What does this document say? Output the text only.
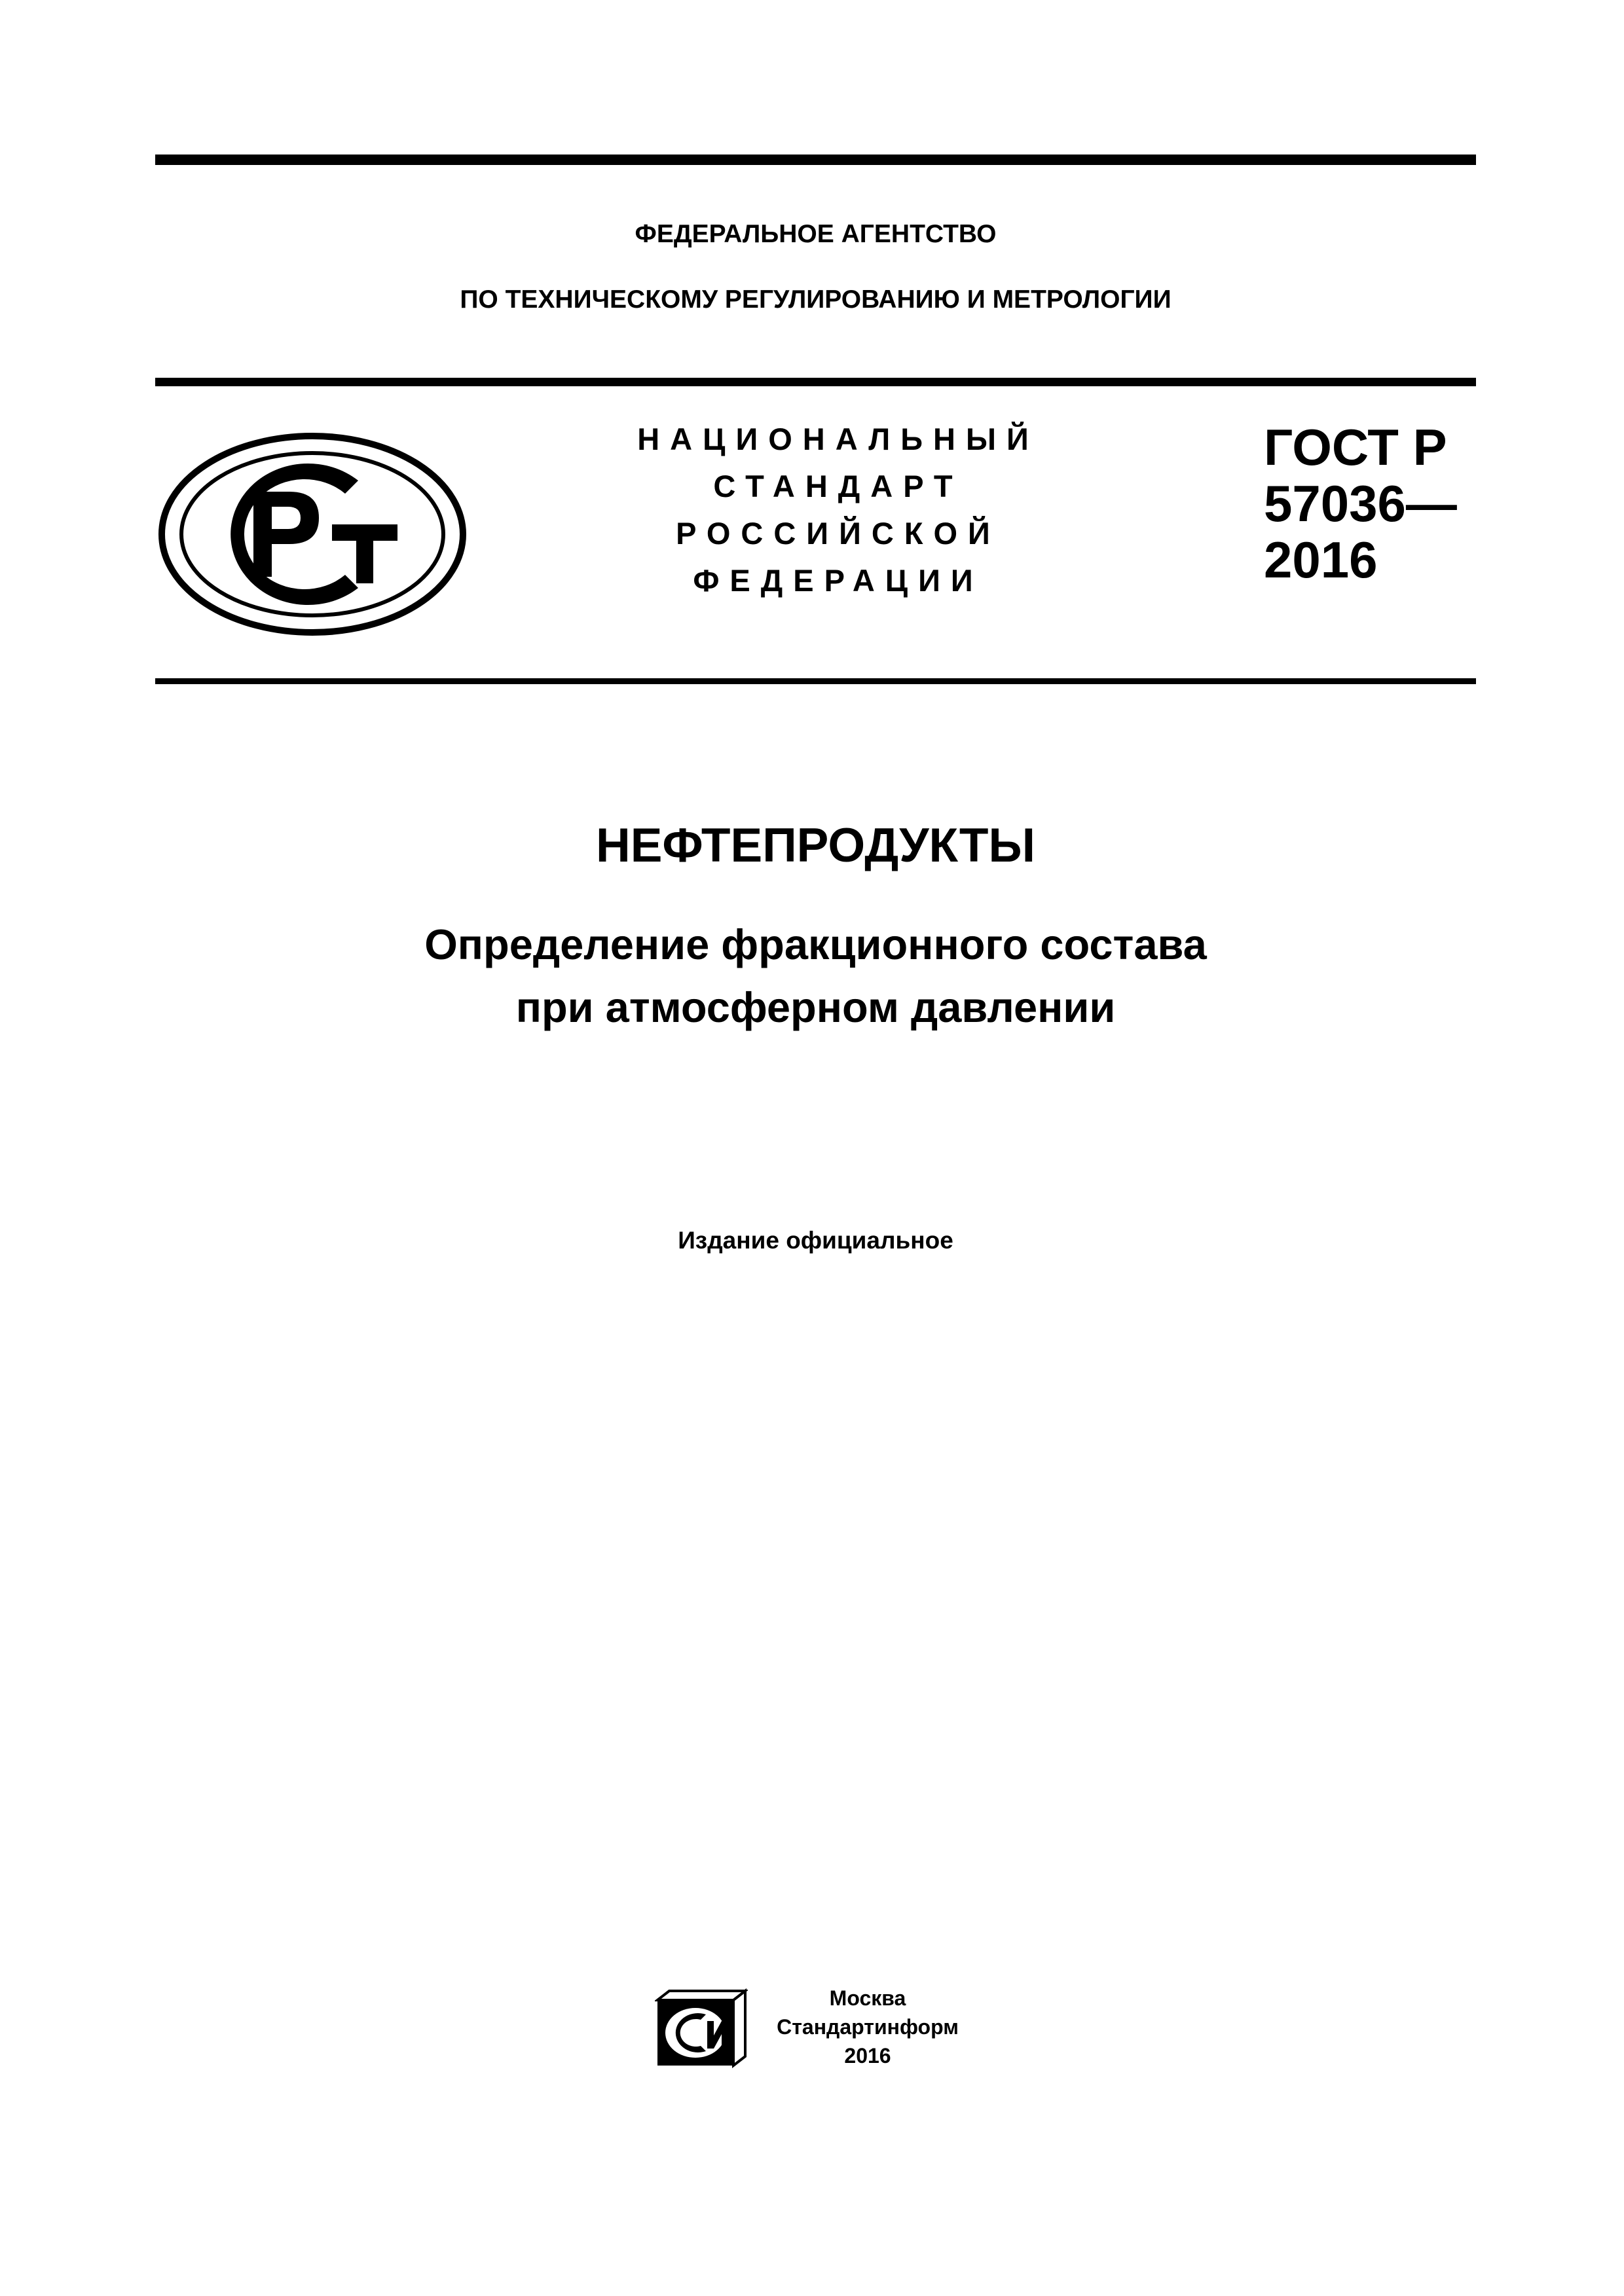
ФЕДЕРАЛЬНОЕ АГЕНТСТВО
ПО ТЕХНИЧЕСКОМУ РЕГУЛИРОВАНИЮ И МЕТРОЛОГИИ
НАЦИОНАЛЬНЫЙ
СТАНДАРТ
РОССИЙСКОЙ
ФЕДЕРАЦИИ
ГОСТ Р
57036—
2016
НЕФТЕПРОДУКТЫ
Определение фракционного состава
при атмосферном давлении
Издание официальное
Москва
Стандартинформ
2016
